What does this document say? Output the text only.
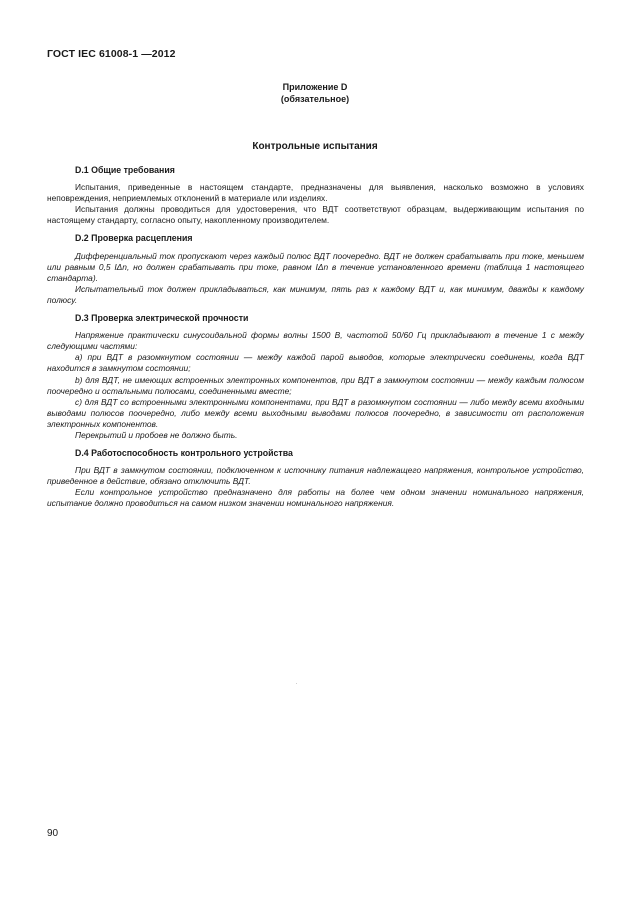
ГОСТ IEC 61008-1 —2012
Приложение D
(обязательное)
Контрольные испытания
D.1 Общие требования

Испытания, приведенные в настоящем стандарте, предназначены для выявления, насколько возможно в условиях неповреждения, неприемлемых отклонений в материале или изделиях.

Испытания должны проводиться для удостоверения, что ВДТ соответствуют образцам, выдерживающим испытания по настоящему стандарту, согласно опыту, накопленному производителем.

D.2 Проверка расцепления

Дифференциальный ток пропускают через каждый полюс ВДТ поочередно. ВДТ не должен срабатывать при токе, меньшем или равным 0,5 IΔn, но должен срабатывать при токе, равном IΔn в течение установленного времени (таблица 1 настоящего стандарта).

Испытательный ток должен прикладываться, как минимум, пять раз к каждому ВДТ и, как минимум, дважды к каждому полюсу.

D.3 Проверка электрической прочности

Напряжение практически синусоидальной формы волны 1500 В, частотой 50/60 Гц прикладывают в течение 1 с между следующими частями:

а) при ВДТ в разомкнутом состоянии — между каждой парой выводов, которые электрически соединены, когда ВДТ находится в замкнутом состоянии;

b) для ВДТ, не имеющих встроенных электронных компонентов, при ВДТ в замкнутом состоянии — между каждым полюсом поочередно и остальными полюсами, соединенными вместе;

с) для ВДТ со встроенными электронными компонентами, при ВДТ в разомкнутом состоянии — либо между всеми входными выводами полюсов поочередно, либо между всеми выходными выводами полюсов поочередно, в зависимости от расположения электронных компонентов.

Перекрытий и пробоев не должно быть.

D.4 Работоспособность контрольного устройства

При ВДТ в замкнутом состоянии, подключенном к источнику питания надлежащего напряжения, контрольное устройство, приведенное в действие, обязано отключить ВДТ.

Если контрольное устройство предназначено для работы на более чем одном значении номинального напряжения, испытание должно проводиться на самом низком значении номинального напряжения.

90
